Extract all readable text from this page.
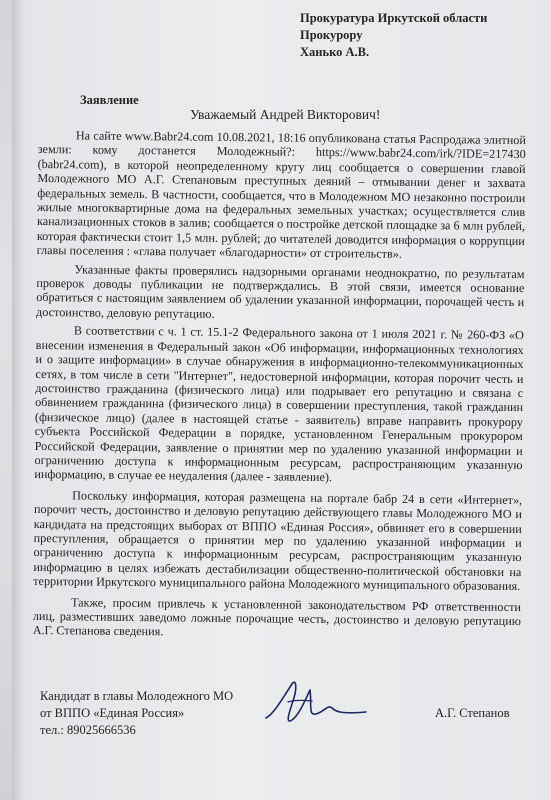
Прокуратура Иркутской области
Прокурору
Ханько А.В.
Заявление
Уважаемый Андрей Викторович!

На сайте www.Babr24.com 10.08.2021, 18:16 опубликована статья Распродажа элитной земли: кому достанется Молодежный?: https://www.babr24.com/irk/?IDE=217430 (babr24.com), в которой неопределенному кругу лиц сообщается о совершении главой Молодежного МО А.Г. Степановым преступных деяний – отмывании денег и захвата федеральных земель. В частности, сообщается, что в Молодежном МО незаконно построили жилые многоквартирные дома на федеральных земельных участках; осуществляется слив канализационных стоков в залив; сообщается о постройке детской площадке за 6 млн рублей, которая фактически стоит 1,5 млн. рублей; до читателей доводится информация о коррупции главы поселения : «глава получает «благодарности» от строительств».

Указанные факты проверялись надзорными органами неоднократно, по результатам проверок доводы публикации не подтверждались. В этой связи, имеется основание обратиться с настоящим заявлением об удалении указанной информации, порочащей честь и достоинство, деловую репутацию.

В соответствии с ч. 1 ст. 15.1-2 Федерального закона от 1 июля 2021 г. № 260-ФЗ «О внесении изменения в Федеральный закон «Об информации, информационных технологиях и о защите информации» в случае обнаружения в информационно-телекоммуникационных сетях, в том числе в сети "Интернет", недостоверной информации, которая порочит честь и достоинство гражданина (физического лица) или подрывает его репутацию и связана с обвинением гражданина (физического лица) в совершении преступления, такой гражданин (физическое лицо) (далее в настоящей статье - заявитель) вправе направить прокурору субъекта Российской Федерации в порядке, установленном Генеральным прокурором Российской Федерации, заявление о принятии мер по удалению указанной информации и ограничению доступа к информационным ресурсам, распространяющим указанную информацию, в случае ее неудаления (далее - заявление).

Поскольку информация, которая размещена на портале бабр 24 в сети «Интернет», порочит честь, достоинство и деловую репутацию действующего главы Молодежного МО и кандидата на предстоящих выборах от ВППО «Единая Россия», обвиняет его в совершении преступления, обращается о принятии мер по удалению указанной информации и ограничению доступа к информационным ресурсам, распространяющим указанную информацию в целях избежать дестабилизации общественно-политической обстановки на территории Иркутского муниципального района Молодежного муниципального образования.

Также, просим привлечь к установленной законодательством РФ ответственности лиц, разместивших заведомо ложные порочащие честь, достоинство и деловую репутацию А.Г. Степанова сведения.

Кандидат в главы Молодежного МО
от ВППО «Единая Россия»
тел.: 89025666536
А.Г. Степанов
